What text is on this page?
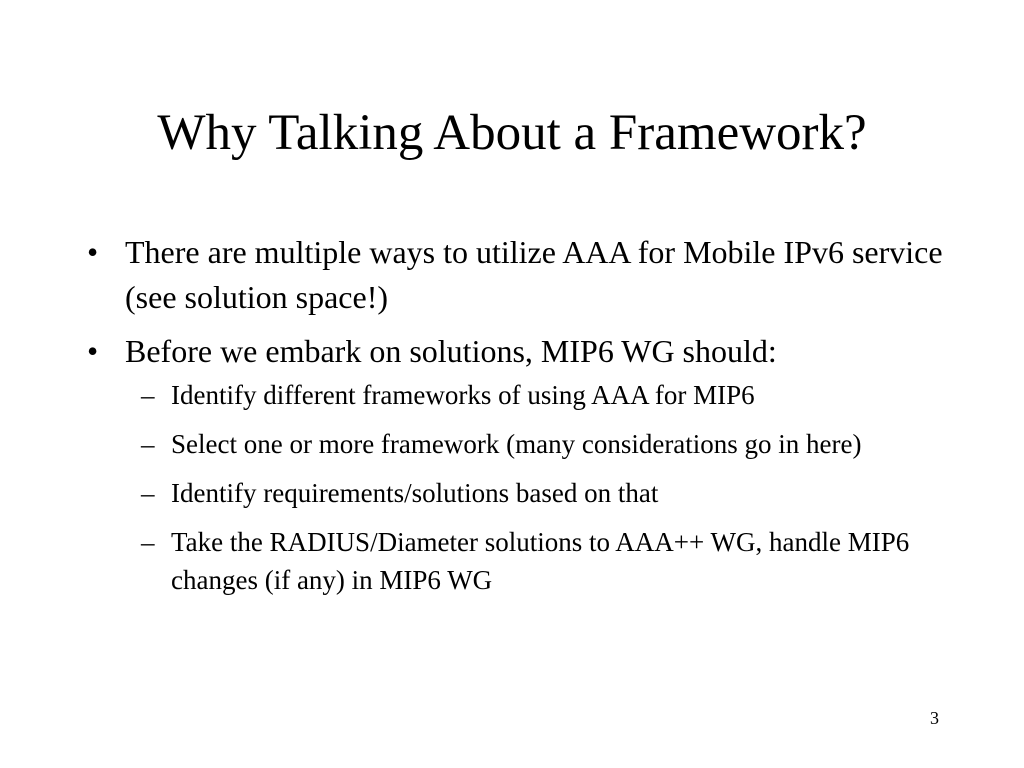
Why Talking About a Framework?
• There are multiple ways to utilize AAA for Mobile IPv6 service (see solution space!)
• Before we embark on solutions, MIP6 WG should:
– Identify different frameworks of using AAA for MIP6
– Select one or more framework (many considerations go in here)
– Identify requirements/solutions based on that
– Take the RADIUS/Diameter solutions to AAA++ WG, handle MIP6 changes (if any) in MIP6 WG
3
